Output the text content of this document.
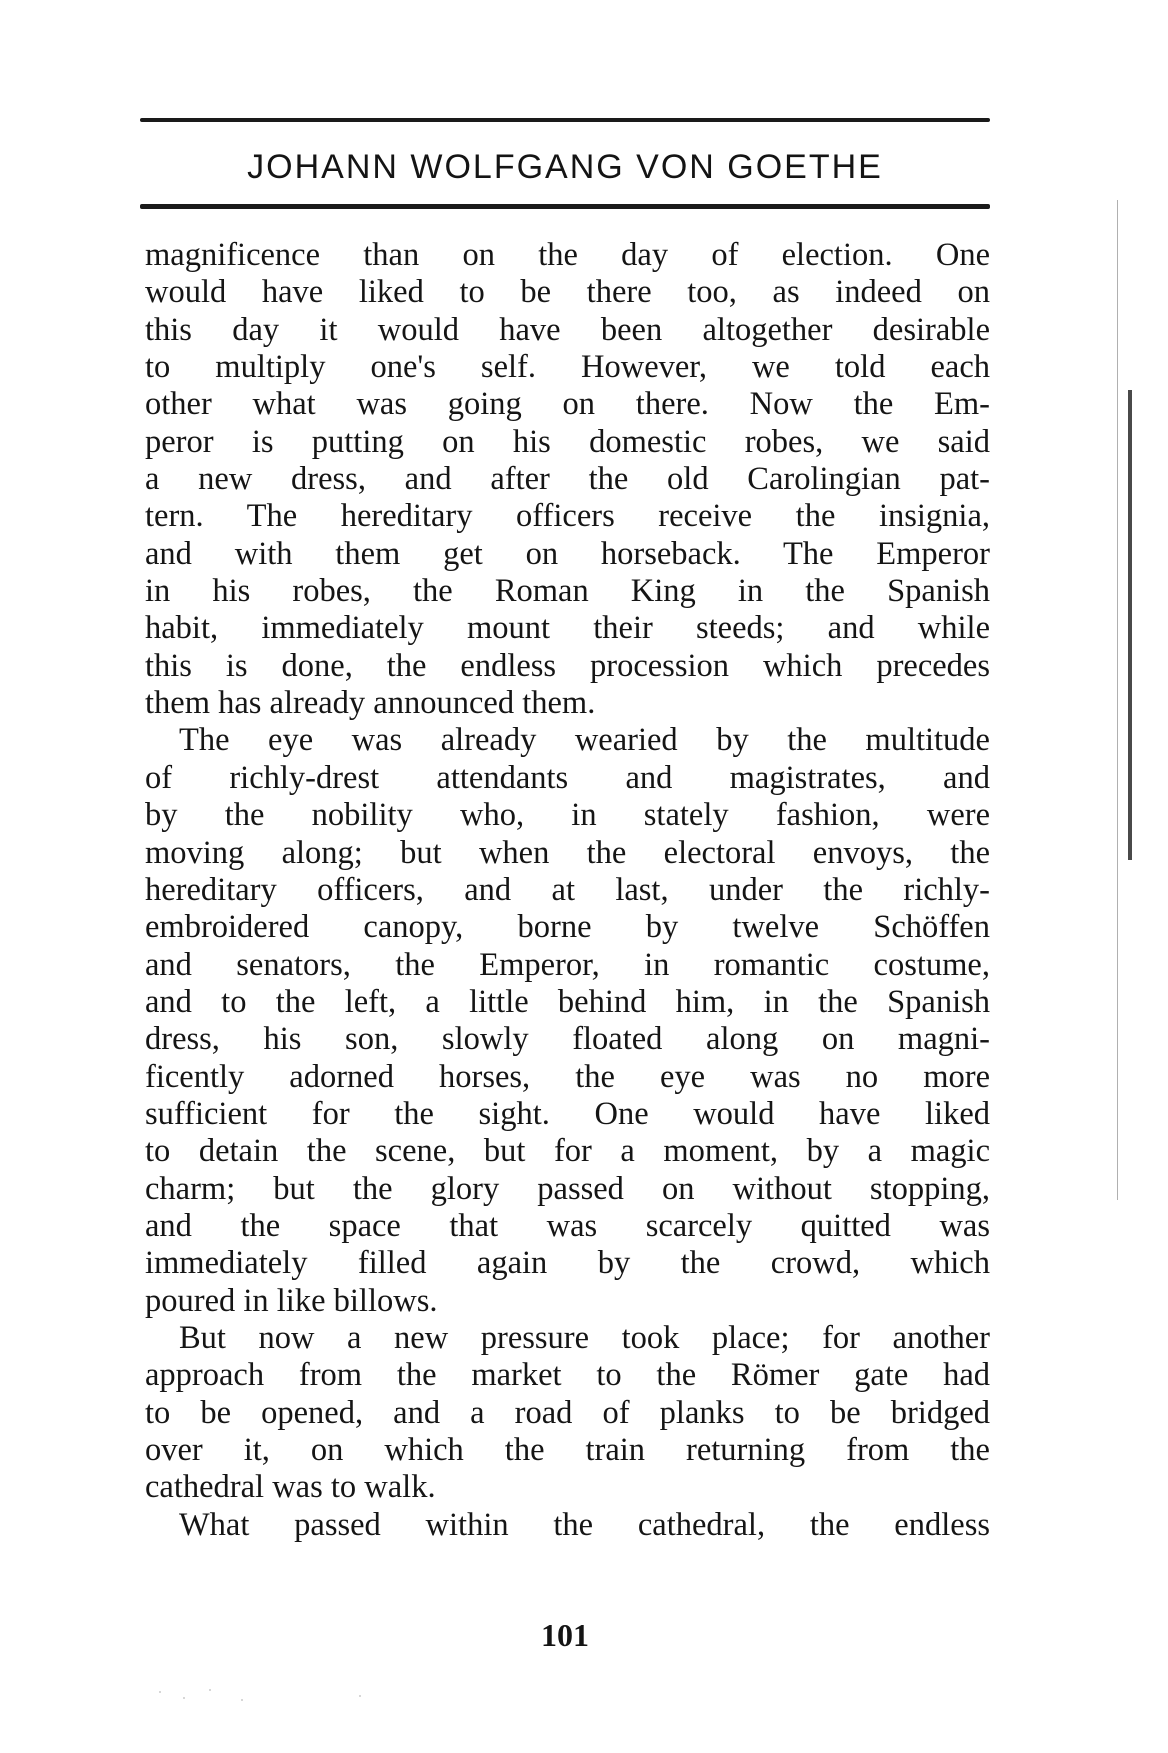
JOHANN WOLFGANG VON GOETHE
magnificence than on the day of election. One
would have liked to be there too, as indeed on
this day it would have been altogether desirable
to multiply one's self. However, we told each
other what was going on there. Now the Em-
peror is putting on his domestic robes, we said
a new dress, and after the old Carolingian pat-
tern. The hereditary officers receive the insignia,
and with them get on horseback. The Emperor
in his robes, the Roman King in the Spanish
habit, immediately mount their steeds; and while
this is done, the endless procession which precedes
them has already announced them.
The eye was already wearied by the multitude
of richly-drest attendants and magistrates, and
by the nobility who, in stately fashion, were
moving along; but when the electoral envoys, the
hereditary officers, and at last, under the richly-
embroidered canopy, borne by twelve Schöffen
and senators, the Emperor, in romantic costume,
and to the left, a little behind him, in the Spanish
dress, his son, slowly floated along on magni-
ficently adorned horses, the eye was no more
sufficient for the sight. One would have liked
to detain the scene, but for a moment, by a magic
charm; but the glory passed on without stopping,
and the space that was scarcely quitted was
immediately filled again by the crowd, which
poured in like billows.
But now a new pressure took place; for another
approach from the market to the Römer gate had
to be opened, and a road of planks to be bridged
over it, on which the train returning from the
cathedral was to walk.
What passed within the cathedral, the endless
101
